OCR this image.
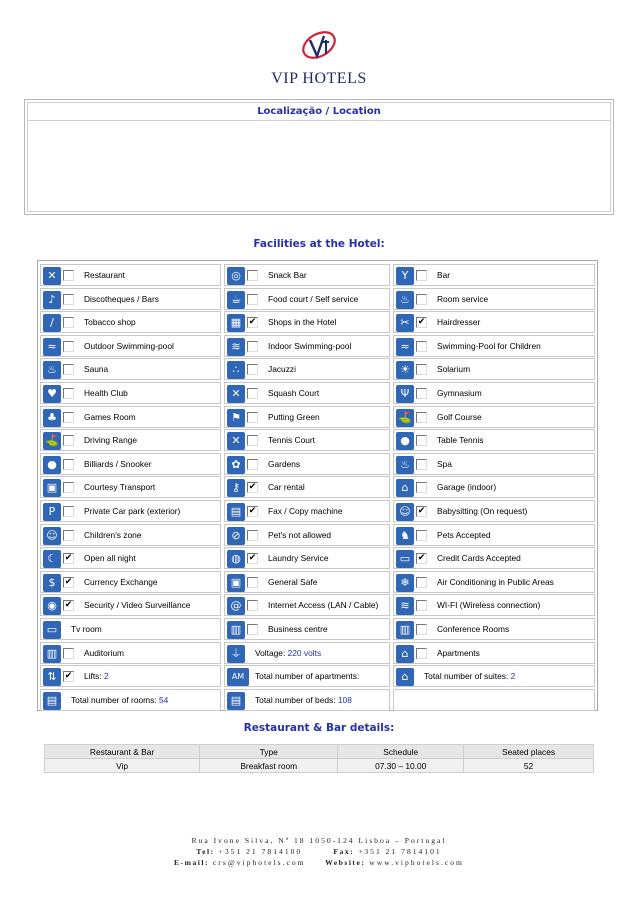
VIP HOTELS
Localização / Location
Facilities at the Hotel:
✕	Restaurant	◎	Snack Bar	Y	Bar
♪	Discotheques / Bars	☕	Food court / Self service	♨	Room service
/	Tobacco shop	▦ ✔ Shops in the Hotel	✂ ✔ Hairdresser
≈	Outdoor Swimming-pool	≋	Indoor Swimming-pool	≈	Swimming-Pool for Children
♨	Sauna	∴	Jacuzzi	☀	Solarium
♥	Health Club	✕	Squash Court	Ψ	Gymnasium
♣	Games Room	⚑	Putting Green	⛳	Golf Course
⛳	Driving Range	✕	Tennis Court	●	Table Tennis
●	Billiards / Snooker	✿	Gardens	♨	Spa
▣	Courtesy Transport	⚷ ✔ Car rental	⌂	Garage (indoor)
P	Private Car park (exterior)	▤ ✔ Fax / Copy machine	☺ ✔ Babysitting (On request)
☺	Children's zone	⊘	Pet's not allowed	♞	Pets Accepted
☾ ✔ Open all night	◍ ✔ Laundry Service	▭ ✔ Credit Cards Accepted
$	✔ Currency Exchange	▣	General Safe	❄	Air Conditioning in Public Areas
◉ ✔ Security / Video Surveillance	@	Internet Access (LAN / Cable)	≋	WI-FI (Wireless connection)
▭	Tv room	▥	Business centre	▥	Conference Rooms
▥	Auditorium	⏚	Voltage: 220 volts	⌂	Apartments
⇅ ✔ Lifts: 2	AM	Total number of apartments:	⌂	Total number of suites: 2
▤	Total number of rooms: 54	▤	Total number of beds: 108
Restaurant & Bar details:
Restaurant & Bar	Type	Schedule	Seated places
Vip	Breakfast room	07.30 – 10.00	52
Rua Ivone Silva, Nº 18 1050-124 Lisboa – Portugal
Tel: +351 21 7814100	Fax: +351 21 7814101
E-mail: crs@viphotels.com	Website: www.viphotels.com
